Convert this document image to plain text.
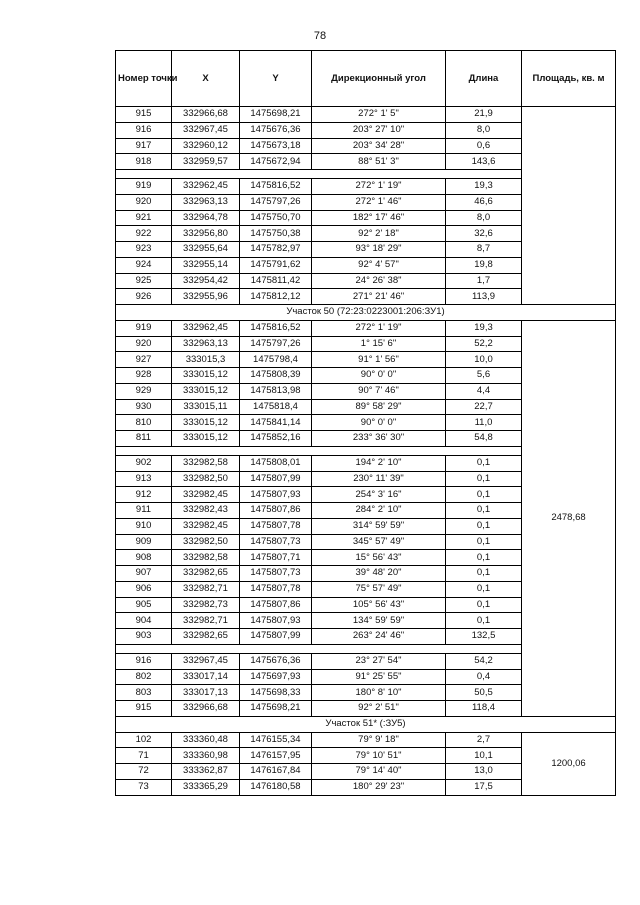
78
Номер точки	X	Y	Дирекционный угол	Длина	Площадь, кв. м
915	332966,68	1475698,21	272° 1' 5"	21,9	
916	332967,45	1475676,36	203° 27' 10"	8,0	
917	332960,12	1475673,18	203° 34' 28"	0,6	
918	332959,57	1475672,94	88° 51' 3"	143,6	

919	332962,45	1475816,52	272° 1' 19"	19,3	
920	332963,13	1475797,26	272° 1' 46"	46,6	
921	332964,78	1475750,70	182° 17' 46"	8,0	
922	332956,80	1475750,38	92° 2' 18"	32,6	
923	332955,64	1475782,97	93° 18' 29"	8,7	
924	332955,14	1475791,62	92° 4' 57"	19,8	
925	332954,42	1475811,42	24° 26' 38"	1,7	
926	332955,96	1475812,12	271° 21' 46"	113,9	
Участок 50 (72:23:0223001:206:ЗУ1)					
919	332962,45	1475816,52	272° 1' 19"	19,3	2478,68
920	332963,13	1475797,26	1° 15' 6"	52,2	
927	333015,3	1475798,4	91° 1' 56"	10,0	
928	333015,12	1475808,39	90° 0' 0"	5,6	
929	333015,12	1475813,98	90° 7' 46"	4,4	
930	333015,11	1475818,4	89° 58' 29"	22,7	
810	333015,12	1475841,14	90° 0' 0"	11,0	
811	333015,12	1475852,16	233° 36' 30"	54,8	

902	332982,58	1475808,01	194° 2' 10"	0,1	
913	332982,50	1475807,99	230° 11' 39"	0,1	
912	332982,45	1475807,93	254° 3' 16"	0,1	
911	332982,43	1475807,86	284° 2' 10"	0,1	
910	332982,45	1475807,78	314° 59' 59"	0,1	
909	332982,50	1475807,73	345° 57' 49"	0,1	
908	332982,58	1475807,71	15° 56' 43"	0,1	
907	332982,65	1475807,73	39° 48' 20"	0,1	
906	332982,71	1475807,78	75° 57' 49"	0,1	
905	332982,73	1475807,86	105° 56' 43"	0,1	
904	332982,71	1475807,93	134° 59' 59"	0,1	
903	332982,65	1475807,99	263° 24' 46"	132,5	

916	332967,45	1475676,36	23° 27' 54"	54,2	
802	333017,14	1475697,93	91° 25' 55"	0,4	
803	333017,13	1475698,33	180° 8' 10"	50,5	
915	332966,68	1475698,21	92° 2' 51"	118,4	
Участок 51* (:ЗУ5)					
102	333360,48	1476155,34	79° 9' 18"	2,7	1200,06
71	333360,98	1476157,95	79° 10' 51"	10,1	
72	333362,87	1476167,84	79° 14' 40"	13,0	
73	333365,29	1476180,58	180° 29' 23"	17,5	
